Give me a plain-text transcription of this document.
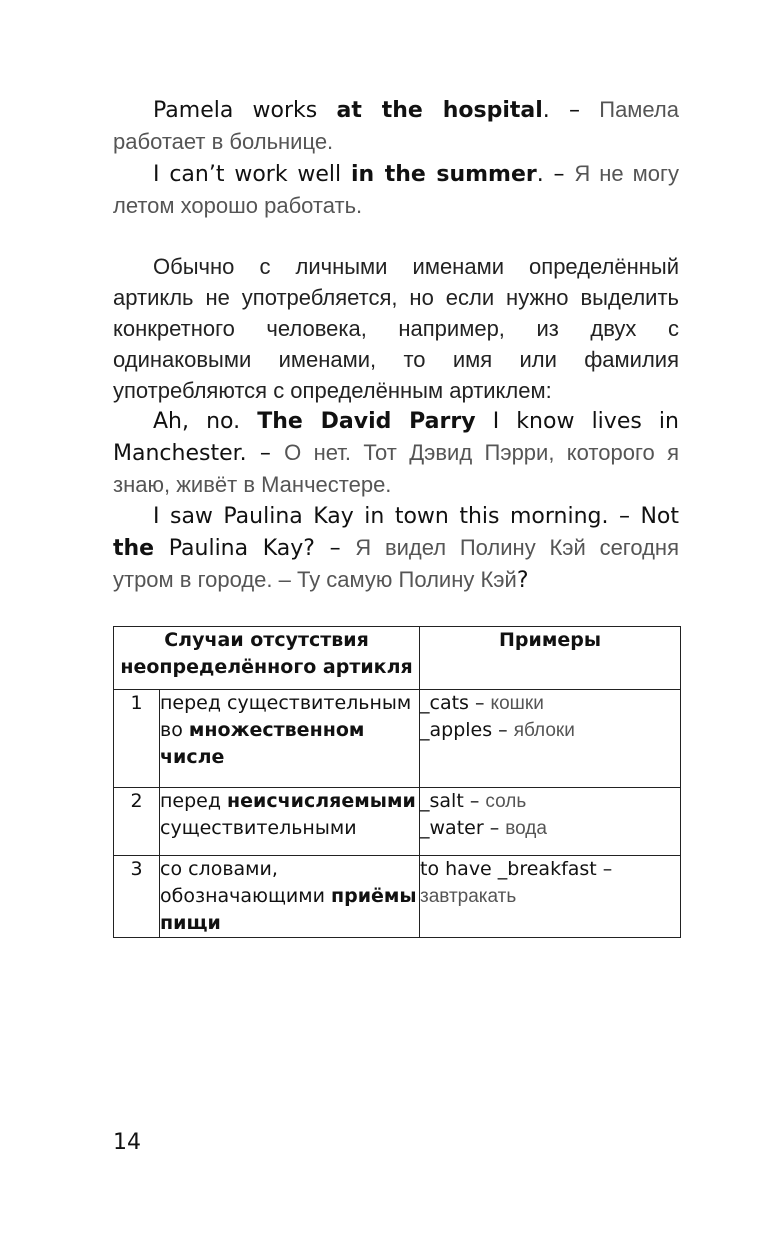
Pamela works at the hospital. – Памела работает в больнице.

I can’t work well in the summer. – Я не могу летом хорошо работать.

Обычно с личными именами определённый артикль не употребляется, но если нужно выделить конкретного человека, например, из двух с одинаковыми именами, то имя или фамилия употребляются с определённым артиклем:

Ah, no. The David Parry I know lives in Manchester. – О нет. Тот Дэвид Пэрри, которого я знаю, живёт в Манчестере.

I saw Paulina Kay in town this morning. – Not the Paulina Kay? – Я видел Полину Кэй сегодня утром в городе. – Ту самую Полину Кэй?

Случаи отсутствия неопределённого артикля		Примеры
1	перед существительным во множественном числе	_cats – кошки
_apples – яблоки

2	перед неисчисляемыми существительными	_salt – соль
_water – вода

3	со словами, обозначающими приёмы пищи	to have _breakfast –
завтракать
14
